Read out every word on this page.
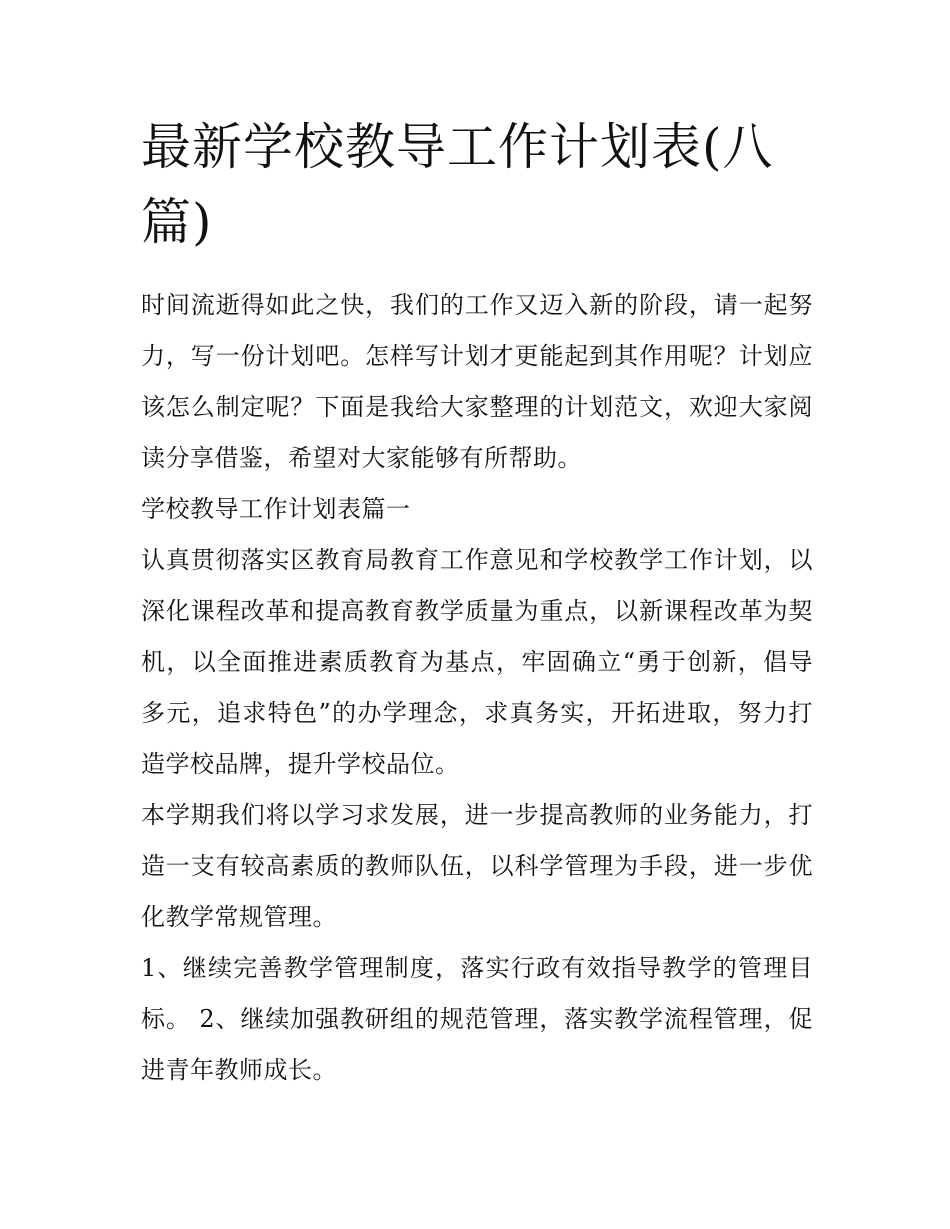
最新学校教导工作计划表(八篇)

时间流逝得如此之快，我们的工作又迈入新的阶段，请一起努力，写一份计划吧。怎样写计划才更能起到其作用呢？计划应该怎么制定呢？下面是我给大家整理的计划范文，欢迎大家阅读分享借鉴，希望对大家能够有所帮助。

学校教导工作计划表篇一

认真贯彻落实区教育局教育工作意见和学校教学工作计划，以深化课程改革和提高教育教学质量为重点，以新课程改革为契机，以全面推进素质教育为基点，牢固确立“勇于创新，倡导多元，追求特色”的办学理念，求真务实，开拓进取，努力打造学校品牌，提升学校品位。

本学期我们将以学习求发展，进一步提高教师的业务能力，打造一支有较高素质的教师队伍，以科学管理为手段，进一步优化教学常规管理。

1、继续完善教学管理制度，落实行政有效指导教学的管理目标。 2、继续加强教研组的规范管理，落实教学流程管理，促进青年教师成长。
